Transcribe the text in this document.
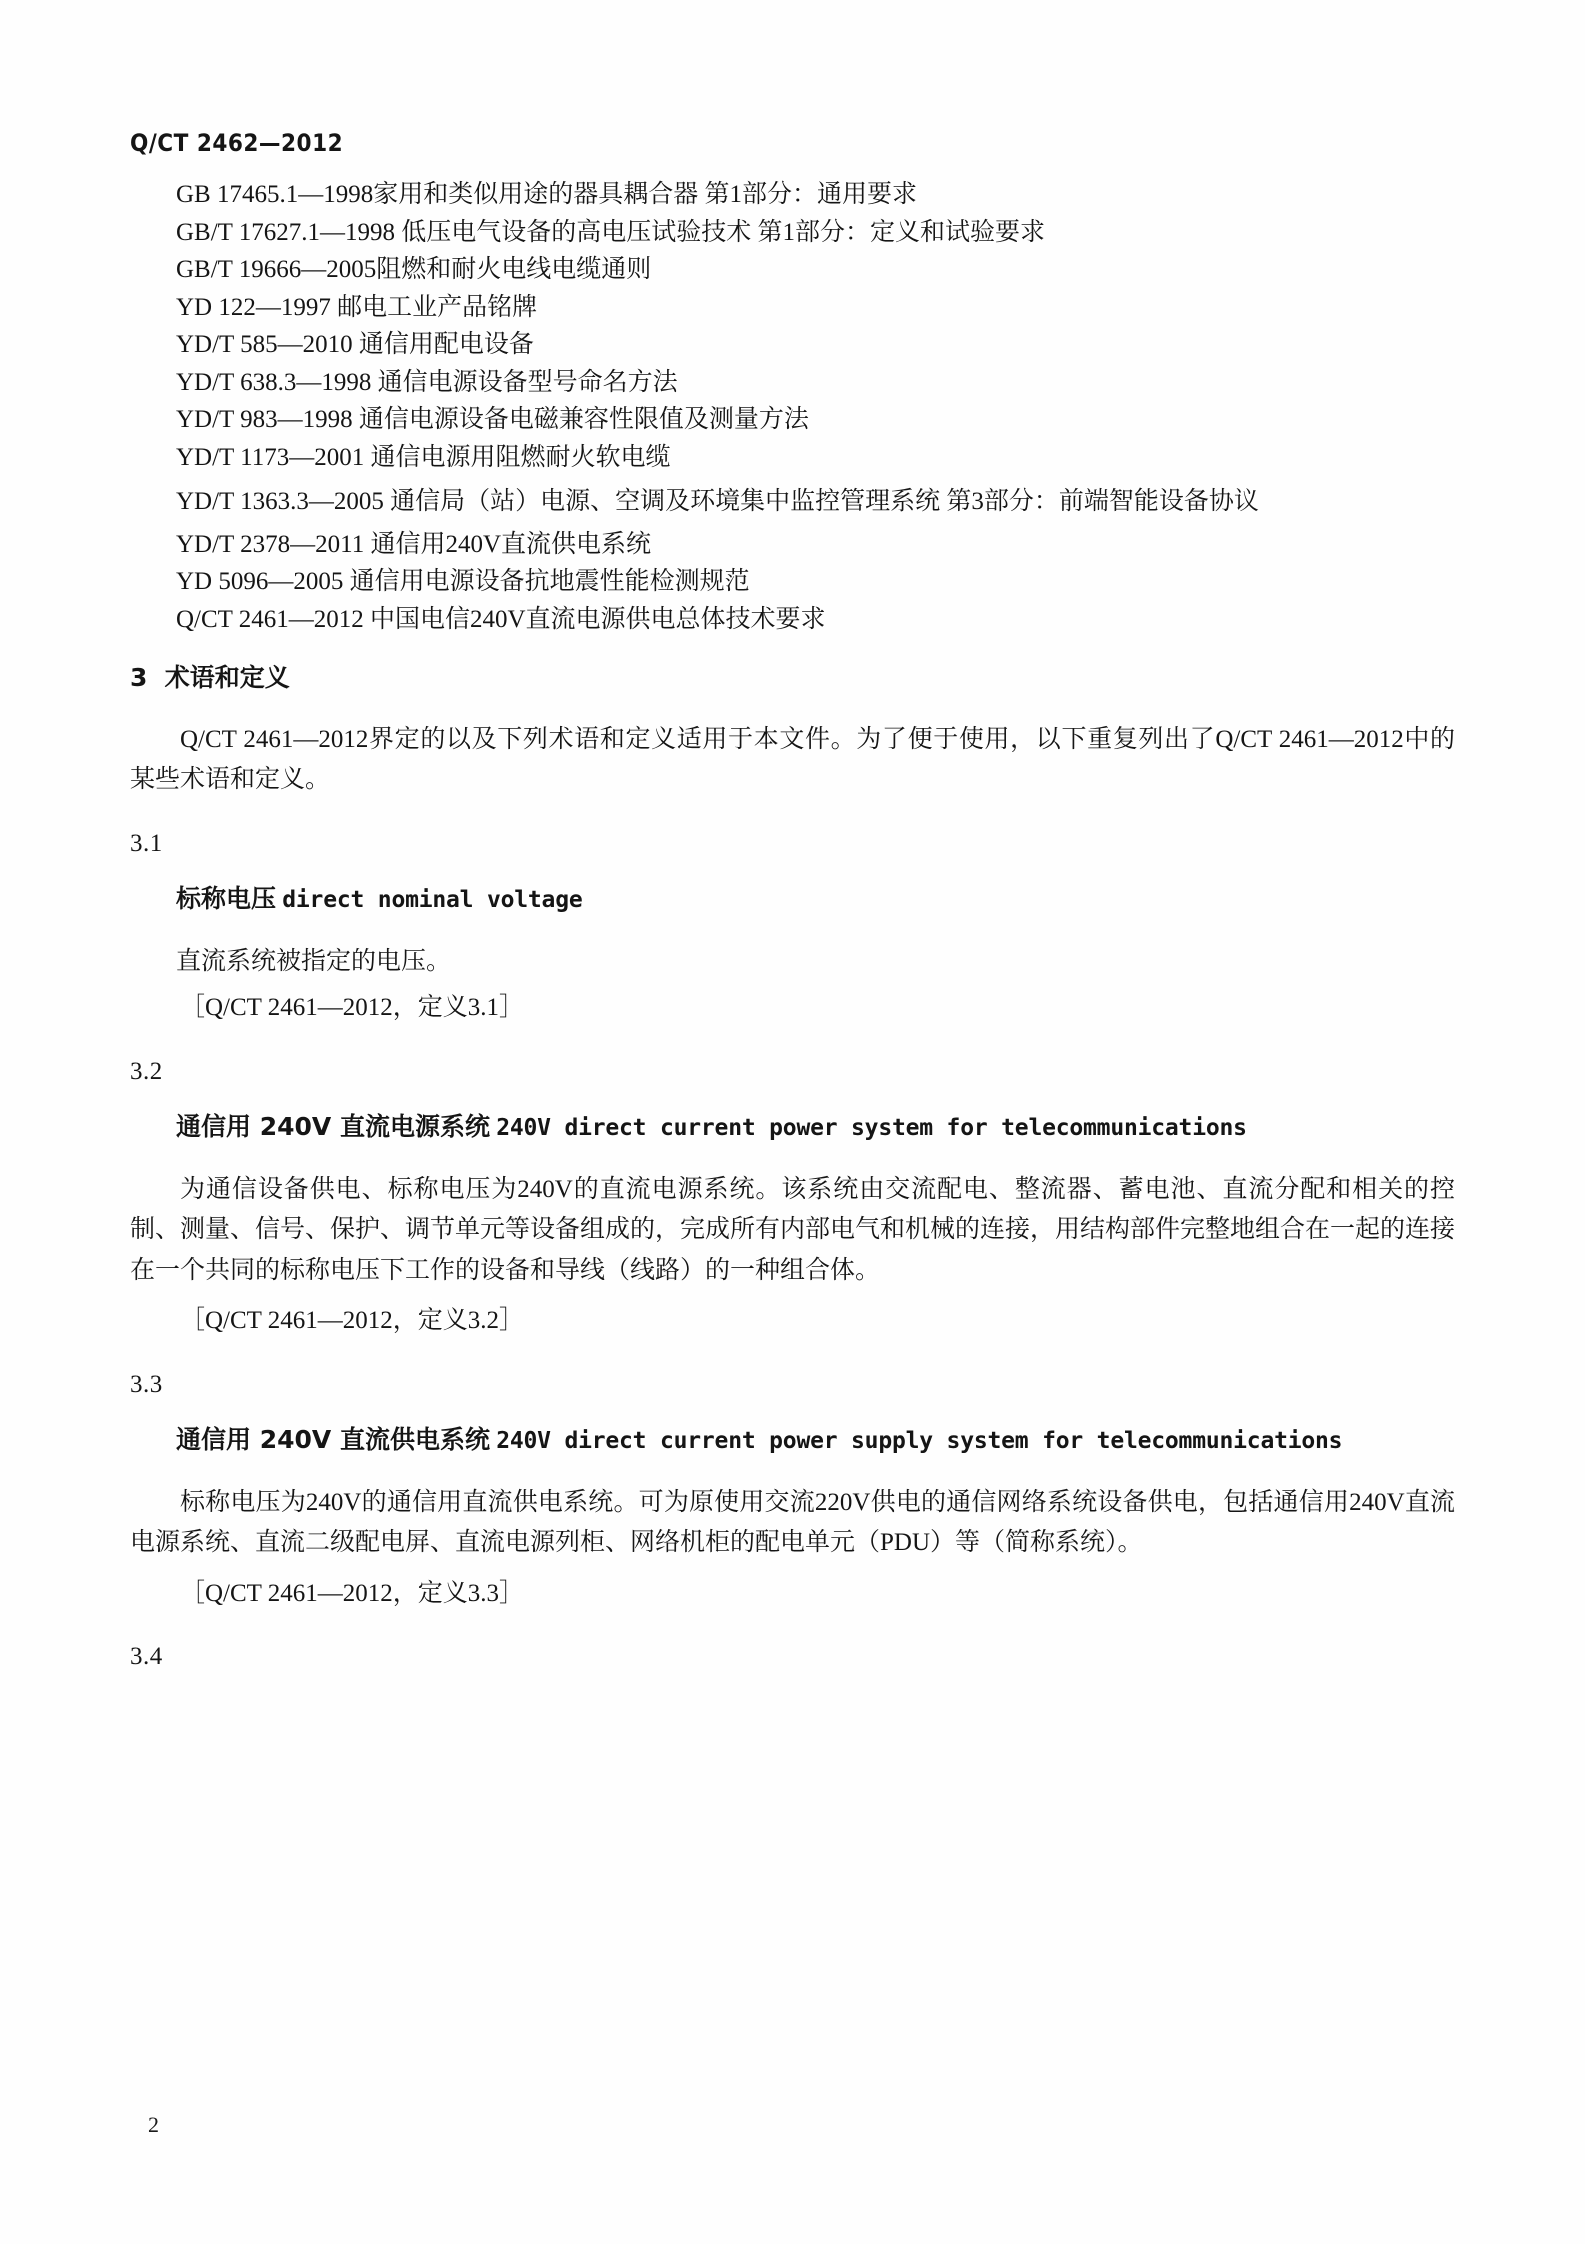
Q/CT 2462—2012
GB 17465.1—1998家用和类似用途的器具耦合器 第1部分：通用要求
GB/T 17627.1—1998 低压电气设备的高电压试验技术 第1部分：定义和试验要求
GB/T 19666—2005阻燃和耐火电线电缆通则
YD 122—1997 邮电工业产品铭牌
YD/T 585—2010 通信用配电设备
YD/T 638.3—1998 通信电源设备型号命名方法
YD/T 983—1998 通信电源设备电磁兼容性限值及测量方法
YD/T 1173—2001 通信电源用阻燃耐火软电缆
YD/T 1363.3—2005 通信局（站）电源、空调及环境集中监控管理系统 第3部分：前端智能设备协议
YD/T 2378—2011 通信用240V直流供电系统
YD 5096—2005 通信用电源设备抗地震性能检测规范
Q/CT 2461—2012 中国电信240V直流电源供电总体技术要求
3  术语和定义

Q/CT 2461—2012界定的以及下列术语和定义适用于本文件。为了便于使用，以下重复列出了Q/CT 2461—2012中的某些术语和定义。

3.1
标称电压 direct nominal voltage
直流系统被指定的电压。
［Q/CT 2461—2012，定义3.1］
3.2
通信用 240V 直流电源系统 240V direct current power system for telecommunications

为通信设备供电、标称电压为240V的直流电源系统。该系统由交流配电、整流器、蓄电池、直流分配和相关的控制、测量、信号、保护、调节单元等设备组成的，完成所有内部电气和机械的连接，用结构部件完整地组合在一起的连接在一个共同的标称电压下工作的设备和导线（线路）的一种组合体。

［Q/CT 2461—2012，定义3.2］
3.3
通信用 240V 直流供电系统 240V direct current power supply system for telecommunications

标称电压为240V的通信用直流供电系统。可为原使用交流220V供电的通信网络系统设备供电，包括通信用240V直流电源系统、直流二级配电屏、直流电源列柜、网络机柜的配电单元（PDU）等（简称系统）。

［Q/CT 2461—2012，定义3.3］
3.4
2
